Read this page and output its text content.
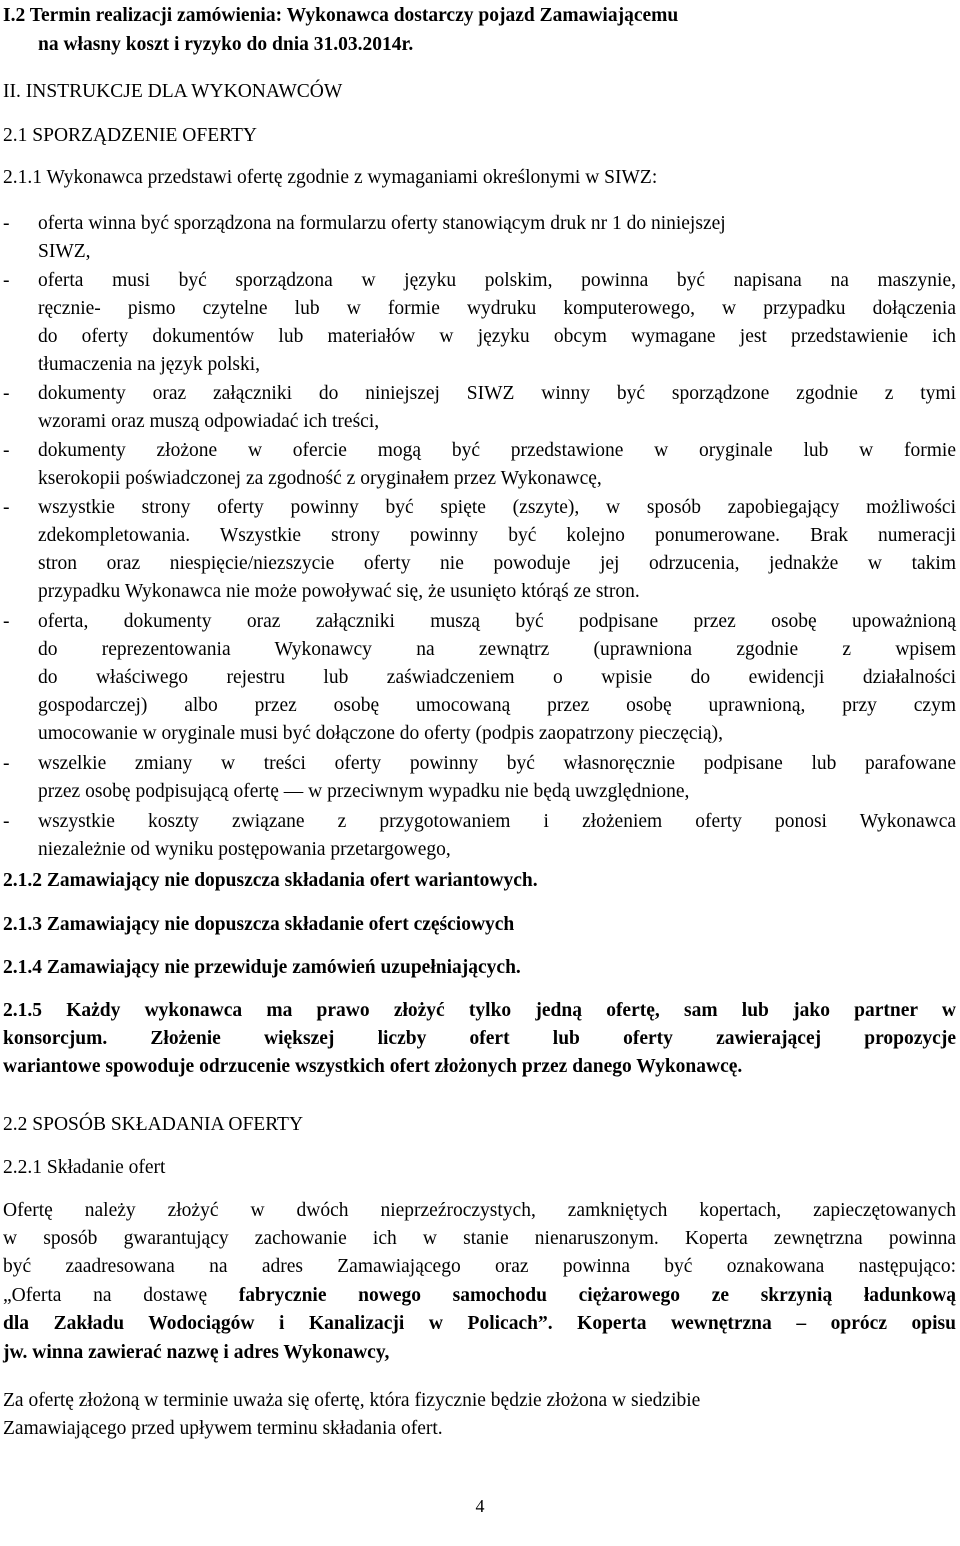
I.2 Termin realizacji zamówienia: Wykonawca dostarczy pojazd Zamawiającemu
na własny koszt i ryzyko do dnia 31.03.2014r.
II. INSTRUKCJE DLA WYKONAWCÓW
2.1 SPORZĄDZENIE OFERTY
2.1.1 Wykonawca przedstawi ofertę zgodnie z wymaganiami określonymi w SIWZ:
- oferta winna być sporządzona na formularzu oferty stanowiącym druk nr 1 do niniejszej
SIWZ,
- oferta musi być sporządzona w języku polskim, powinna być napisana na maszynie,
ręcznie- pismo czytelne lub w formie wydruku komputerowego, w przypadku dołączenia
do oferty dokumentów lub materiałów w języku obcym wymagane jest przedstawienie ich
tłumaczenia na język polski,
- dokumenty oraz załączniki do niniejszej SIWZ winny być sporządzone zgodnie z tymi
wzorami oraz muszą odpowiadać ich treści,
- dokumenty złożone w ofercie mogą być przedstawione w oryginale lub w formie
kserokopii poświadczonej za zgodność z oryginałem przez Wykonawcę,
- wszystkie strony oferty powinny być spięte (zszyte), w sposób zapobiegający możliwości
zdekompletowania. Wszystkie strony powinny być kolejno ponumerowane. Brak numeracji
stron oraz niespięcie/niezszycie oferty nie powoduje jej odrzucenia, jednakże w takim
przypadku Wykonawca nie może powoływać się, że usunięto którąś ze stron.
- oferta, dokumenty oraz załączniki muszą być podpisane przez osobę upoważnioną
do reprezentowania Wykonawcy na zewnątrz (uprawniona zgodnie z wpisem
do właściwego rejestru lub zaświadczeniem o wpisie do ewidencji działalności
gospodarczej) albo przez osobę umocowaną przez osobę uprawnioną, przy czym
umocowanie w oryginale musi być dołączone do oferty (podpis zaopatrzony pieczęcią),
- wszelkie zmiany w treści oferty powinny być własnoręcznie podpisane lub parafowane
przez osobę podpisującą ofertę — w przeciwnym wypadku nie będą uwzględnione,
- wszystkie koszty związane z przygotowaniem i złożeniem oferty ponosi Wykonawca
niezależnie od wyniku postępowania przetargowego,
2.1.2 Zamawiający nie dopuszcza składania ofert wariantowych.
2.1.3 Zamawiający nie dopuszcza składanie ofert częściowych
2.1.4 Zamawiający nie przewiduje zamówień uzupełniających.
2.1.5 Każdy wykonawca ma prawo złożyć tylko jedną ofertę, sam lub jako partner w
konsorcjum. Złożenie większej liczby ofert lub oferty zawierającej propozycje
wariantowe spowoduje odrzucenie wszystkich ofert złożonych przez danego Wykonawcę.
2.2 SPOSÓB SKŁADANIA OFERTY
2.2.1 Składanie ofert
Ofertę należy złożyć w dwóch nieprzeźroczystych, zamkniętych kopertach, zapieczętowanych
w sposób gwarantujący zachowanie ich w stanie nienaruszonym. Koperta zewnętrzna powinna
być zaadresowana na adres Zamawiającego oraz powinna być oznakowana następująco:
„Oferta na dostawę fabrycznie nowego samochodu ciężarowego ze skrzynią ładunkową
dla Zakładu Wodociągów i Kanalizacji w Policach”. Koperta wewnętrzna – oprócz opisu
jw. winna zawierać nazwę i adres Wykonawcy,
Za ofertę złożoną w terminie uważa się ofertę, która fizycznie będzie złożona w siedzibie
Zamawiającego przed upływem terminu składania ofert.
4
